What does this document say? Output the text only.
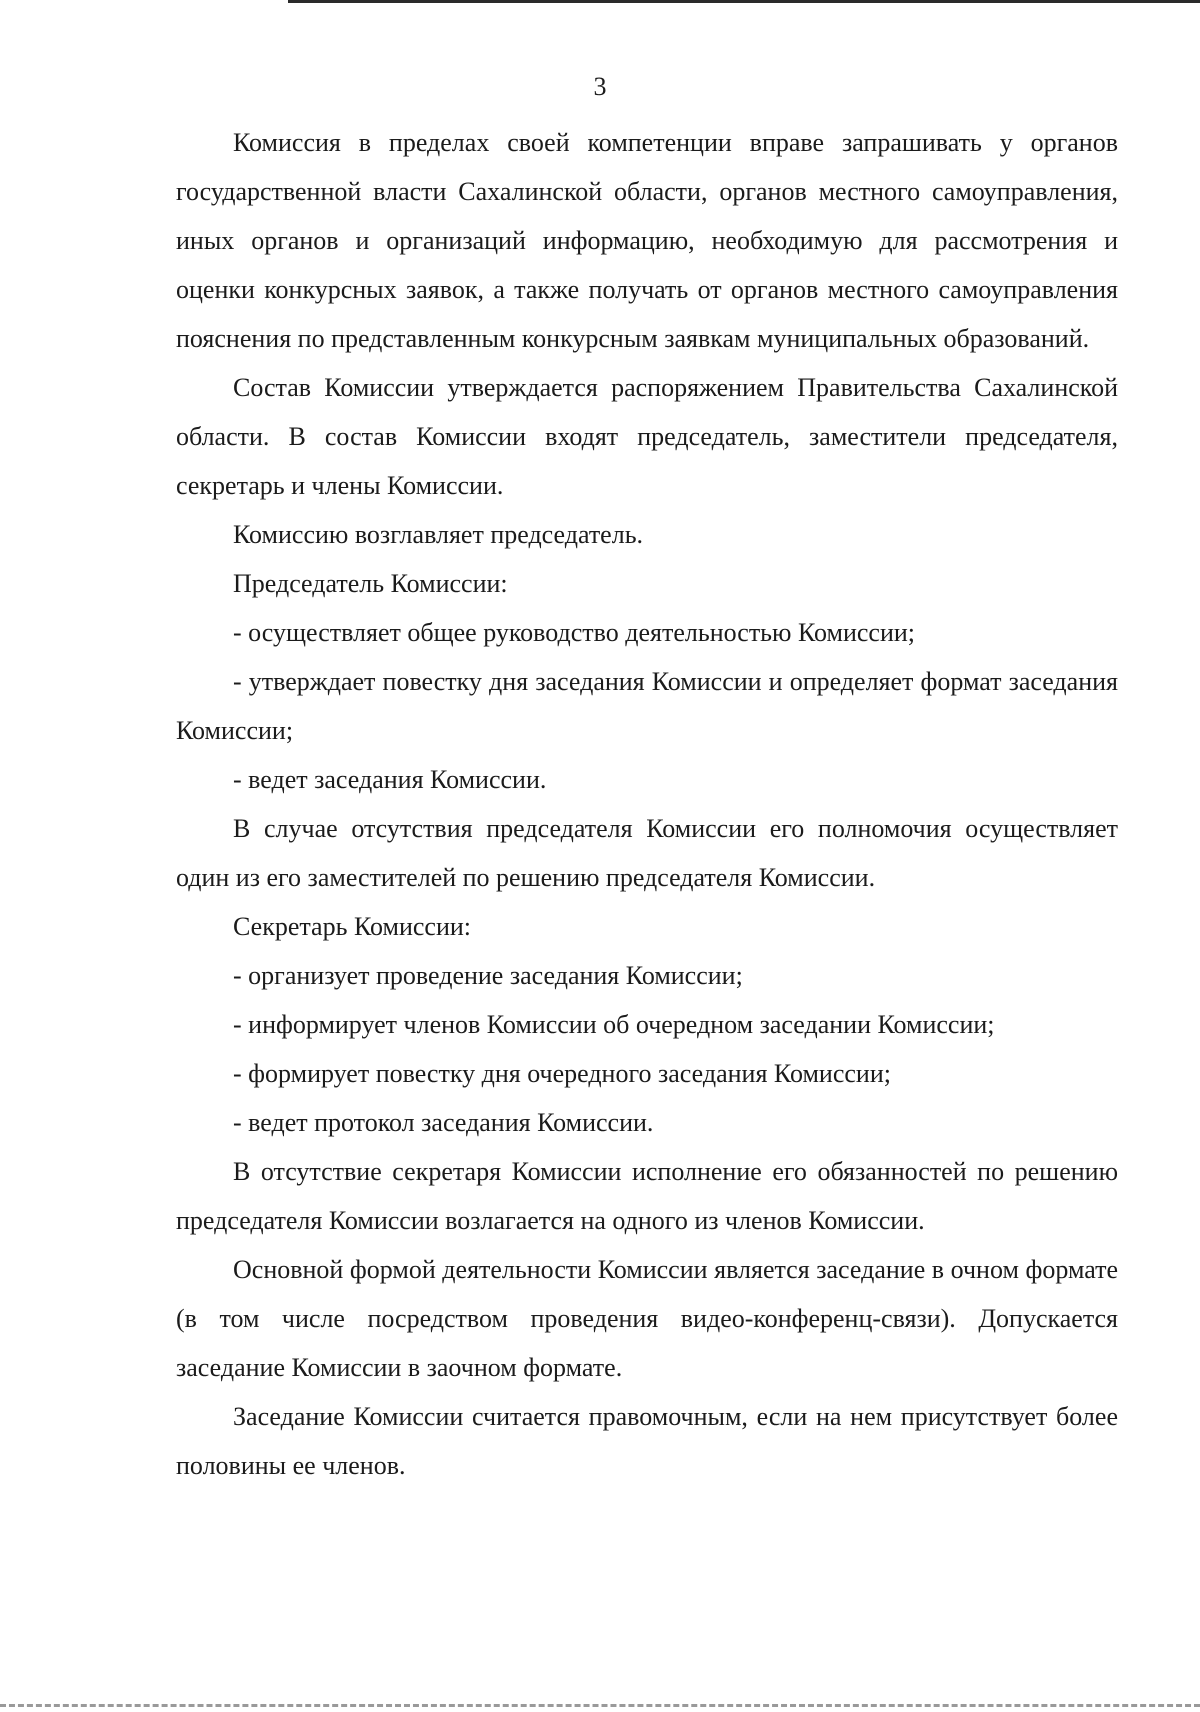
3

Комиссия в пределах своей компетенции вправе запрашивать у органов государственной власти Сахалинской области, органов местного самоуправления, иных органов и организаций информацию, необходимую для рассмотрения и оценки конкурсных заявок, а также получать от органов местного самоуправления пояснения по представленным конкурсным заявкам муниципальных образований.

Состав Комиссии утверждается распоряжением Правительства Сахалинской области. В состав Комиссии входят председатель, заместители председателя, секретарь и члены Комиссии.

Комиссию возглавляет председатель.

Председатель Комиссии:

- осуществляет общее руководство деятельностью Комиссии;

- утверждает повестку дня заседания Комиссии и определяет формат заседания Комиссии;

- ведет заседания Комиссии.

В случае отсутствия председателя Комиссии его полномочия осуществляет один из его заместителей по решению председателя Комиссии.

Секретарь Комиссии:

- организует проведение заседания Комиссии;

- информирует членов Комиссии об очередном заседании Комиссии;

- формирует повестку дня очередного заседания Комиссии;

- ведет протокол заседания Комиссии.

В отсутствие секретаря Комиссии исполнение его обязанностей по решению председателя Комиссии возлагается на одного из членов Комиссии.

Основной формой деятельности Комиссии является заседание в очном формате (в том числе посредством проведения видео-конференц-связи). Допускается заседание Комиссии в заочном формате.

Заседание Комиссии считается правомочным, если на нем присутствует более половины ее членов.
